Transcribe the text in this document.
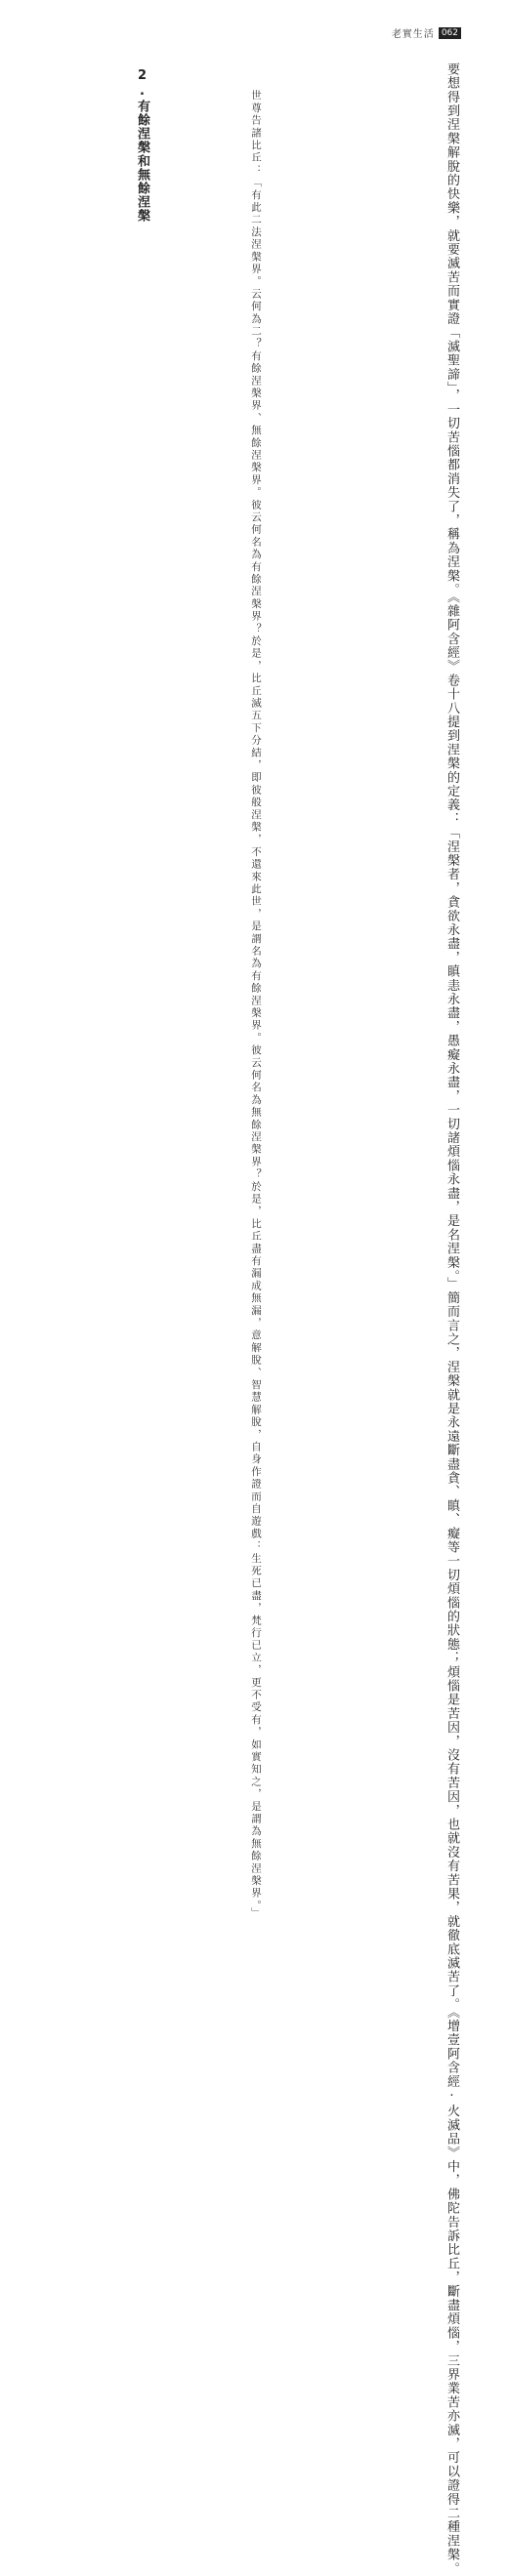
老實生活 062
要想得到涅槃解脫的快樂，就要滅苦而實證「滅聖諦」，一切苦惱都消失了，稱為涅槃。《雜阿含經》卷十八提到涅槃的定義：「涅槃者，貪欲永盡，瞋恚永盡，愚癡永盡，一切諸煩惱永盡，是名涅槃。」簡而言之，涅槃就是永遠斷盡貪、瞋、癡等一切煩惱的狀態；煩惱是苦因，沒有苦因，也就沒有苦果，就徹底滅苦了。《增壹阿含經·火滅品》中，佛陀告訴比丘，斷盡煩惱，三界業苦亦滅，可以證得二種涅槃。
世尊告諸比丘：「有此二法涅槃界。云何為二？有餘涅槃界、無餘涅槃界。彼云何名為有餘涅槃界？於是，比丘滅五下分結，即彼般涅槃，不還來此世，是謂名為有餘涅槃界。彼云何名為無餘涅槃界？於是，比丘盡有漏成無漏，意解脫、智慧解脫，自身作證而自遊戲：生死已盡，梵行已立，更不受有，如實知之，是謂為無餘涅槃界。」
2.有餘涅槃和無餘涅槃
